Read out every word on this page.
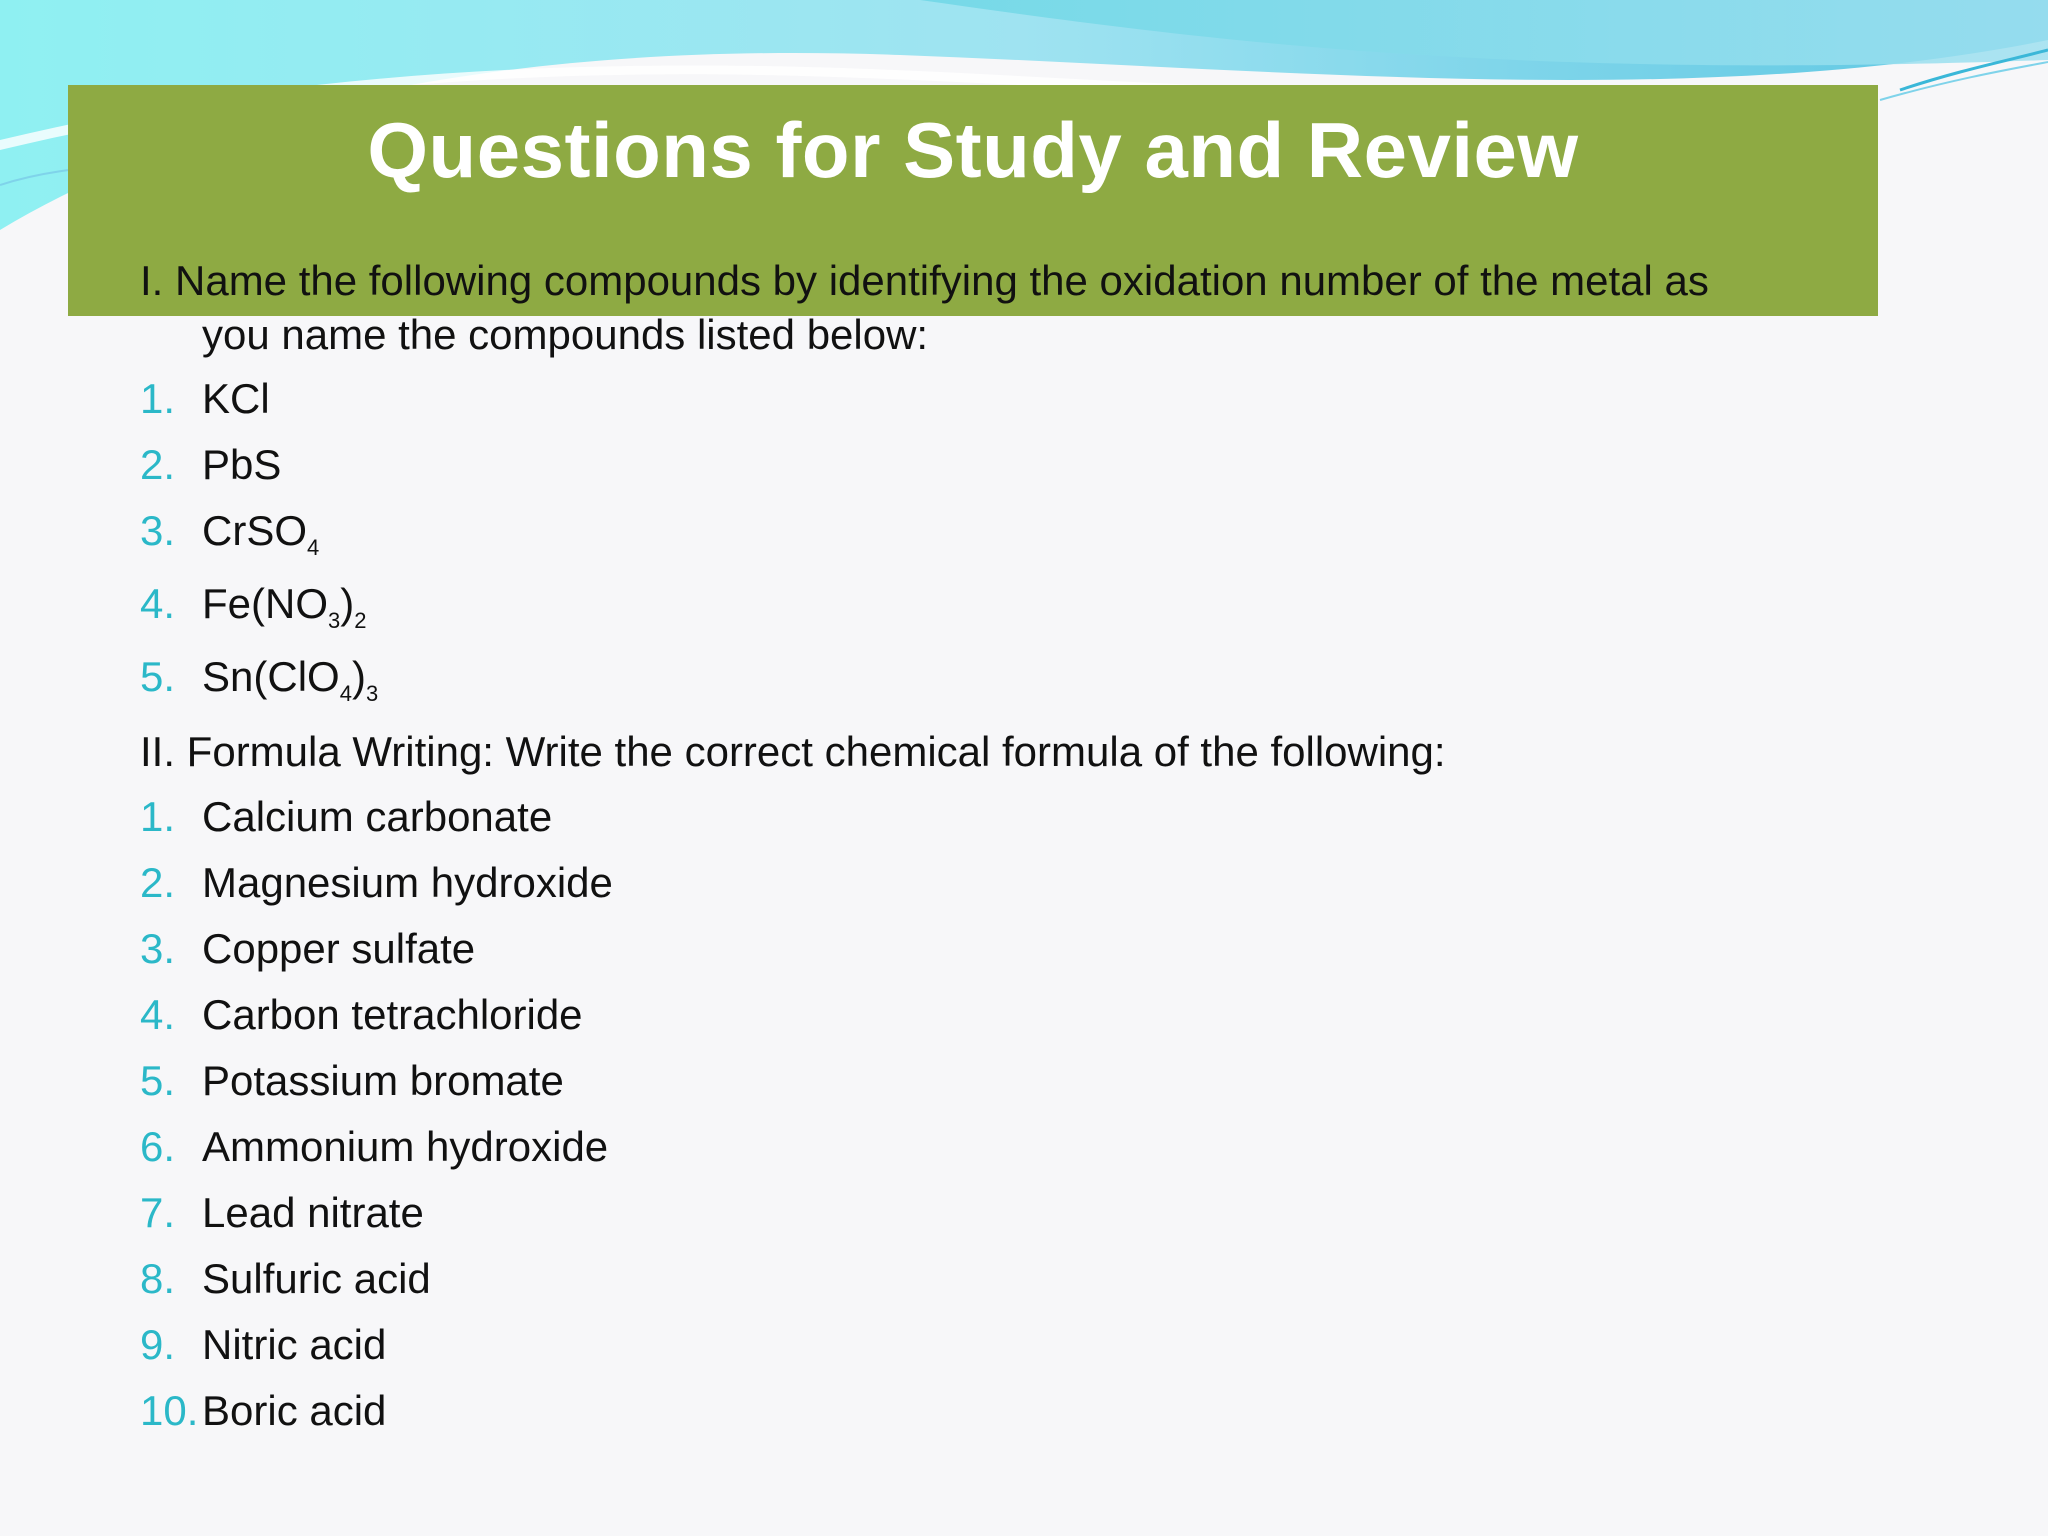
Questions for Study and Review
I. Name the following compounds by identifying the oxidation number of the metal as
you name the compounds listed below:
1. KCl
2. PbS
3. CrSO$_4$
4. $Fe(NO_3)_2$
5. $Sn(ClO_4)_3$
II. Formula Writing: Write the correct chemical formula of the following:
1. Calcium carbonate
2. Magnesium hydroxide
3. Copper sulfate
4. Carbon tetrachloride
5. Potassium bromate
6. Ammonium hydroxide
7. Lead nitrate
8. Sulfuric acid
9. Nitric acid
10.Boric acid
